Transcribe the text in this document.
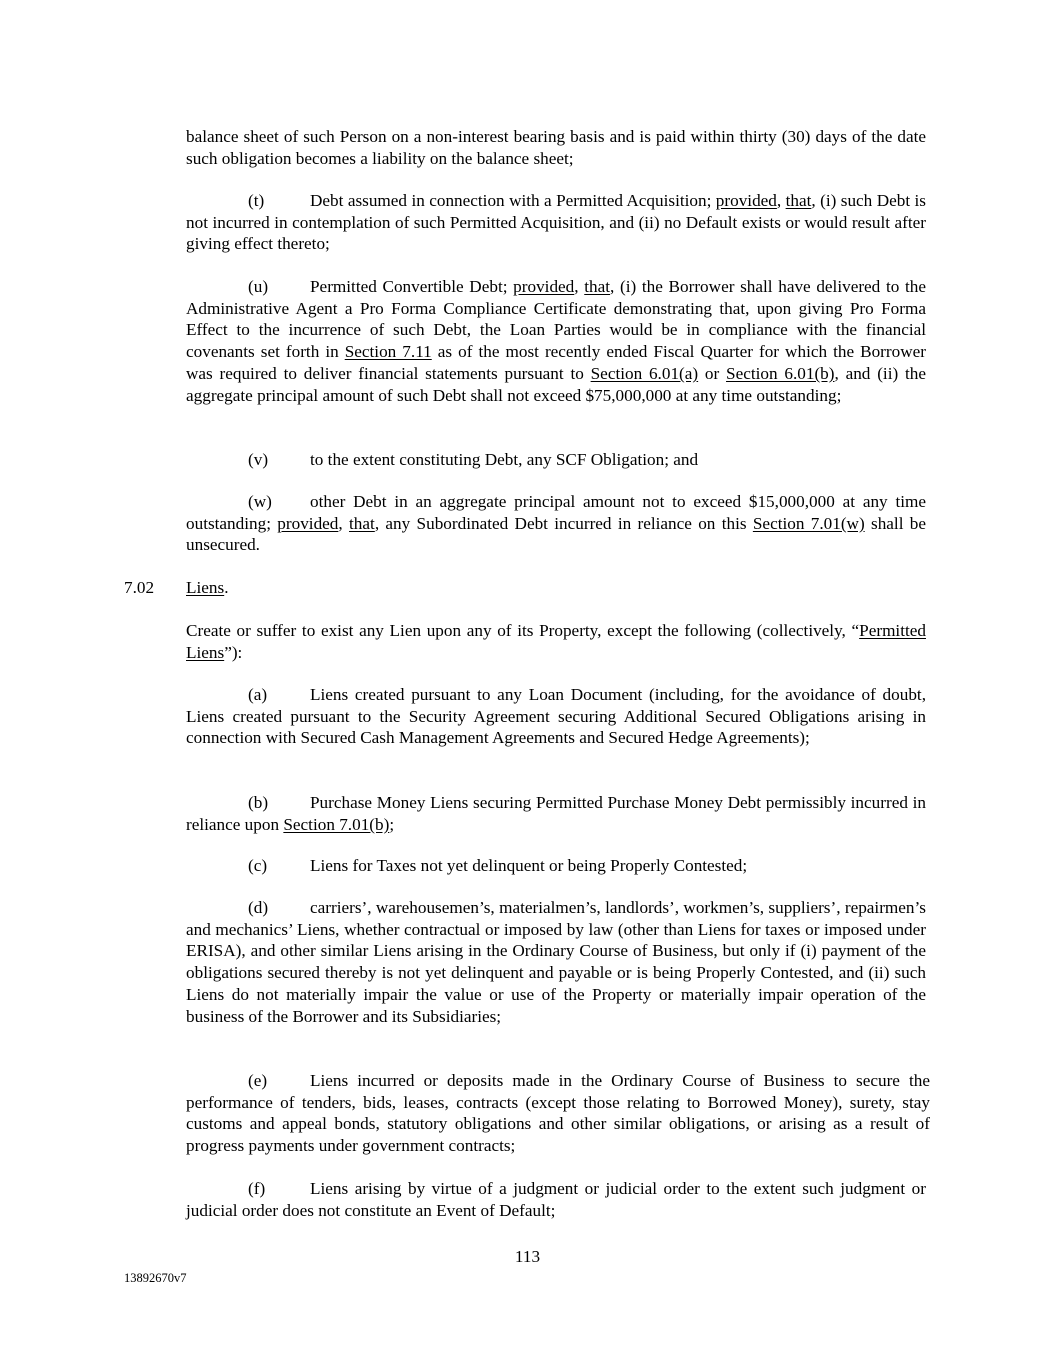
balance sheet of such Person on a non-interest bearing basis and is paid within thirty (30) days of the date such obligation becomes a liability on the balance sheet;

(t)	Debt assumed in connection with a Permitted Acquisition; provided, that, (i) such Debt is not incurred in contemplation of such Permitted Acquisition, and (ii) no Default exists or would result after giving effect thereto;

(u) Permitted Convertible Debt; provided, that, (i) the Borrower shall have delivered to the Administrative Agent a Pro Forma Compliance Certificate demonstrating that, upon giving Pro Forma Effect to the incurrence of such Debt, the Loan Parties would be in compliance with the financial covenants set forth in Section 7.11 as of the most recently ended Fiscal Quarter for which the Borrower was required to deliver financial statements pursuant to Section 6.01(a) or Section 6.01(b), and (ii) the aggregate principal amount of such Debt shall not exceed $75,000,000 at any time outstanding;

(v) to the extent constituting Debt, any SCF Obligation; and

(w) other Debt in an aggregate principal amount not to exceed $15,000,000 at any time outstanding; provided, that, any Subordinated Debt incurred in reliance on this Section 7.01(w) shall be unsecured.

7.02 Liens.

Create or suffer to exist any Lien upon any of its Property, except the following (collectively, “Permitted Liens”):

(a) Liens created pursuant to any Loan Document (including, for the avoidance of doubt, Liens created pursuant to the Security Agreement securing Additional Secured Obligations arising in connection with Secured Cash Management Agreements and Secured Hedge Agreements);

(b) Purchase Money Liens securing Permitted Purchase Money Debt permissibly incurred in reliance upon Section 7.01(b);

(c) Liens for Taxes not yet delinquent or being Properly Contested;

(d) carriers’, warehousemen’s, materialmen’s, landlords’, workmen’s, suppliers’, repairmen’s and mechanics’ Liens, whether contractual or imposed by law (other than Liens for taxes or imposed under ERISA), and other similar Liens arising in the Ordinary Course of Business, but only if (i) payment of the obligations secured thereby is not yet delinquent and payable or is being Properly Contested, and (ii) such Liens do not materially impair the value or use of the Property or materially impair operation of the business of the Borrower and its Subsidiaries;

(e) Liens incurred or deposits made in the Ordinary Course of Business to secure the performance of tenders, bids, leases, contracts (except those relating to Borrowed Money), surety, stay customs and appeal bonds, statutory obligations and other similar obligations, or arising as a result of progress payments under government contracts;

(f)	Liens arising by virtue of a judgment or judicial order to the extent such judgment or judicial order does not constitute an Event of Default;

113

13892670v7
